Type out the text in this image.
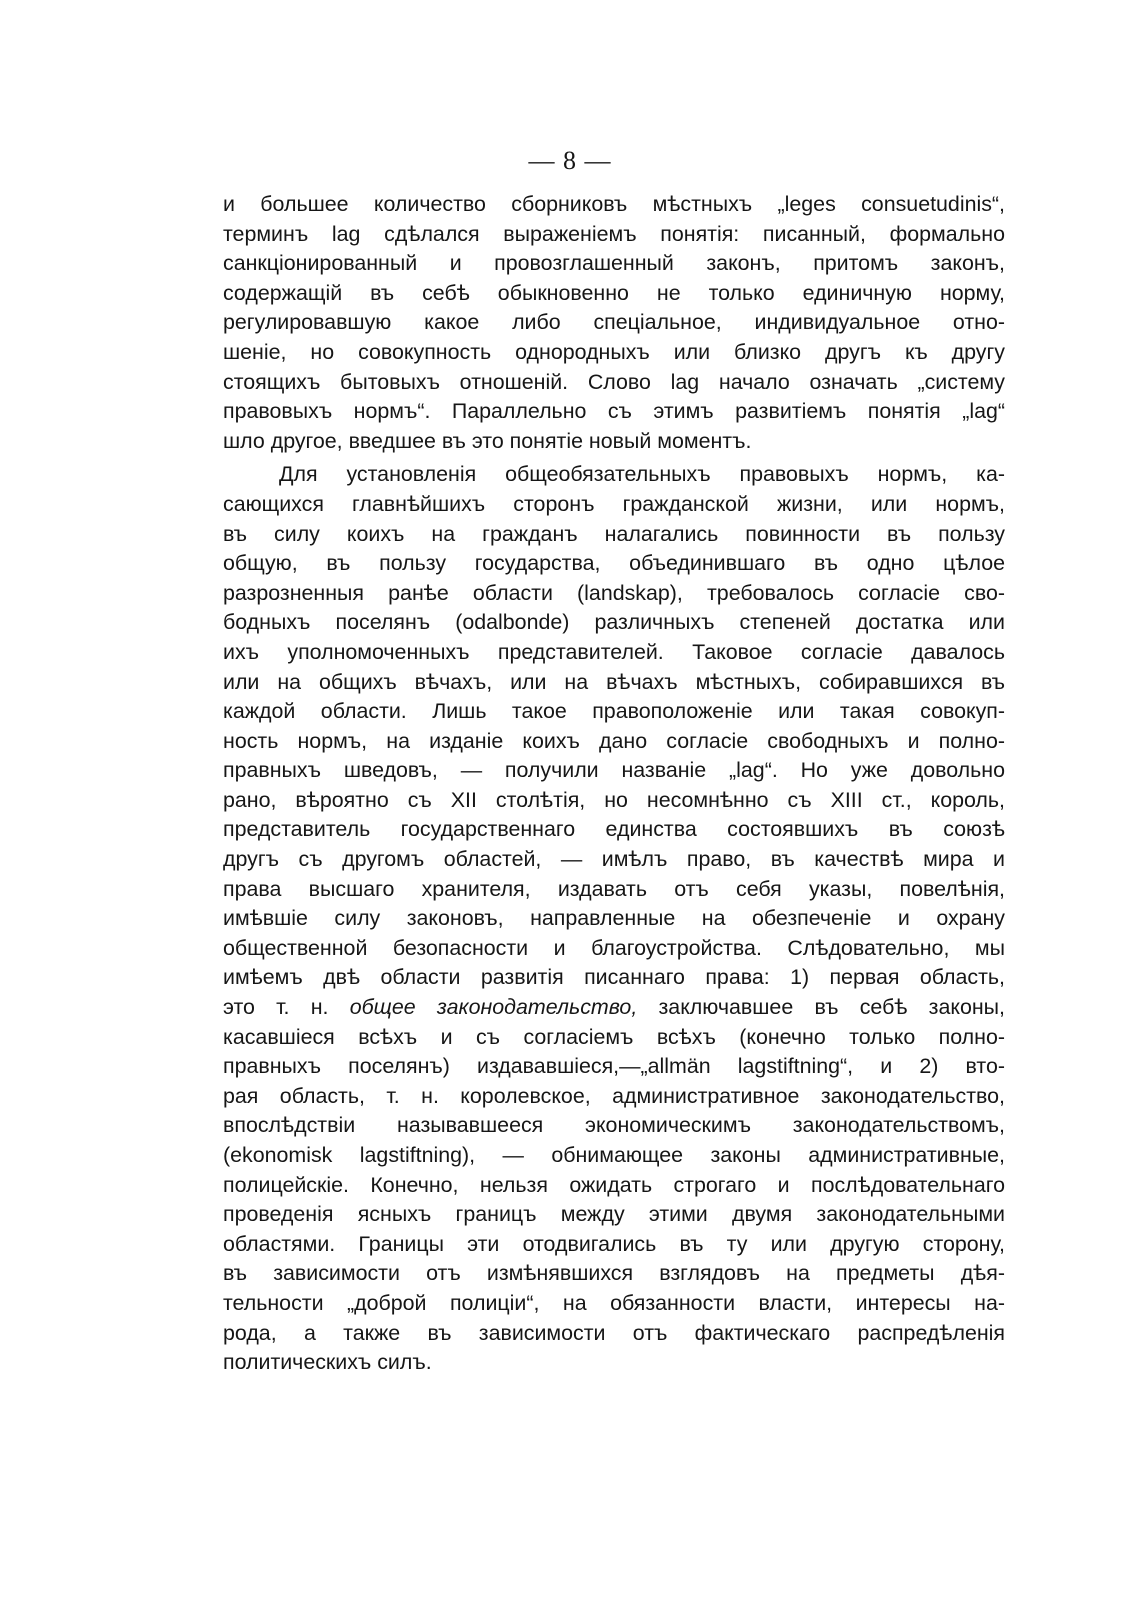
— 8 —
и большее количество сборниковъ мѣстныхъ „leges consuetudinis“,
терминъ lag сдѣлался выраженіемъ понятія: писанный, формально
санкціонированный и провозглашенный законъ, притомъ законъ,
содержащій въ себѣ обыкновенно не только единичную норму,
регулировавшую какое либо спеціальное, индивидуальное отно-
шеніе, но совокупность однородныхъ или близко другъ къ другу
стоящихъ бытовыхъ отношеній. Слово lag начало означать „систему
правовыхъ нормъ“. Параллельно съ этимъ развитіемъ понятія „lag“
шло другое, введшее въ это понятіе новый моментъ.
Для установленія общеобязательныхъ правовыхъ нормъ, ка-
сающихся главнѣйшихъ сторонъ гражданской жизни, или нормъ,
въ силу коихъ на гражданъ налагались повинности въ пользу
общую, въ пользу государства, объединившаго въ одно цѣлое
разрозненныя ранѣе области (landskap), требовалось согласіе сво-
бодныхъ поселянъ (odalbonde) различныхъ степеней достатка или
ихъ уполномоченныхъ представителей. Таковое согласіе давалось
или на общихъ вѣчахъ, или на вѣчахъ мѣстныхъ, собиравшихся въ
каждой области. Лишь такое правоположеніе или такая совокуп-
ность нормъ, на изданіе коихъ дано согласіе свободныхъ и полно-
правныхъ шведовъ, — получили названіе „lag“. Но уже довольно
рано, вѣроятно съ XII столѣтія, но несомнѣнно съ XIII ст., король,
представитель государственнаго единства состоявшихъ въ союзѣ
другъ съ другомъ областей, — имѣлъ право, въ качествѣ мира и
права высшаго хранителя, издавать отъ себя указы, повелѣнія,
имѣвшіе силу законовъ, направленные на обезпеченіе и охрану
общественной безопасности и благоустройства. Слѣдовательно, мы
имѣемъ двѣ области развитія писаннаго права: 1) первая область,
это т. н. общее законодательство, заключавшее въ себѣ законы,
касавшіеся всѣхъ и съ согласіемъ всѣхъ (конечно только полно-
правныхъ поселянъ) издававшіеся,—„allmän lagstiftning“, и 2) вто-
рая область, т. н. королевское, административное законодательство,
впослѣдствіи называвшееся экономическимъ законодательствомъ,
(ekonomisk lagstiftning), — обнимающее законы административные,
полицейскіе. Конечно, нельзя ожидать строгаго и послѣдовательнаго
проведенія ясныхъ границъ между этими двумя законодательными
областями. Границы эти отодвигались въ ту или другую сторону,
въ зависимости отъ измѣнявшихся взглядовъ на предметы дѣя-
тельности „доброй полиціи“, на обязанности власти, интересы на-
рода, а также въ зависимости отъ фактическаго распредѣленія
политическихъ силъ.
